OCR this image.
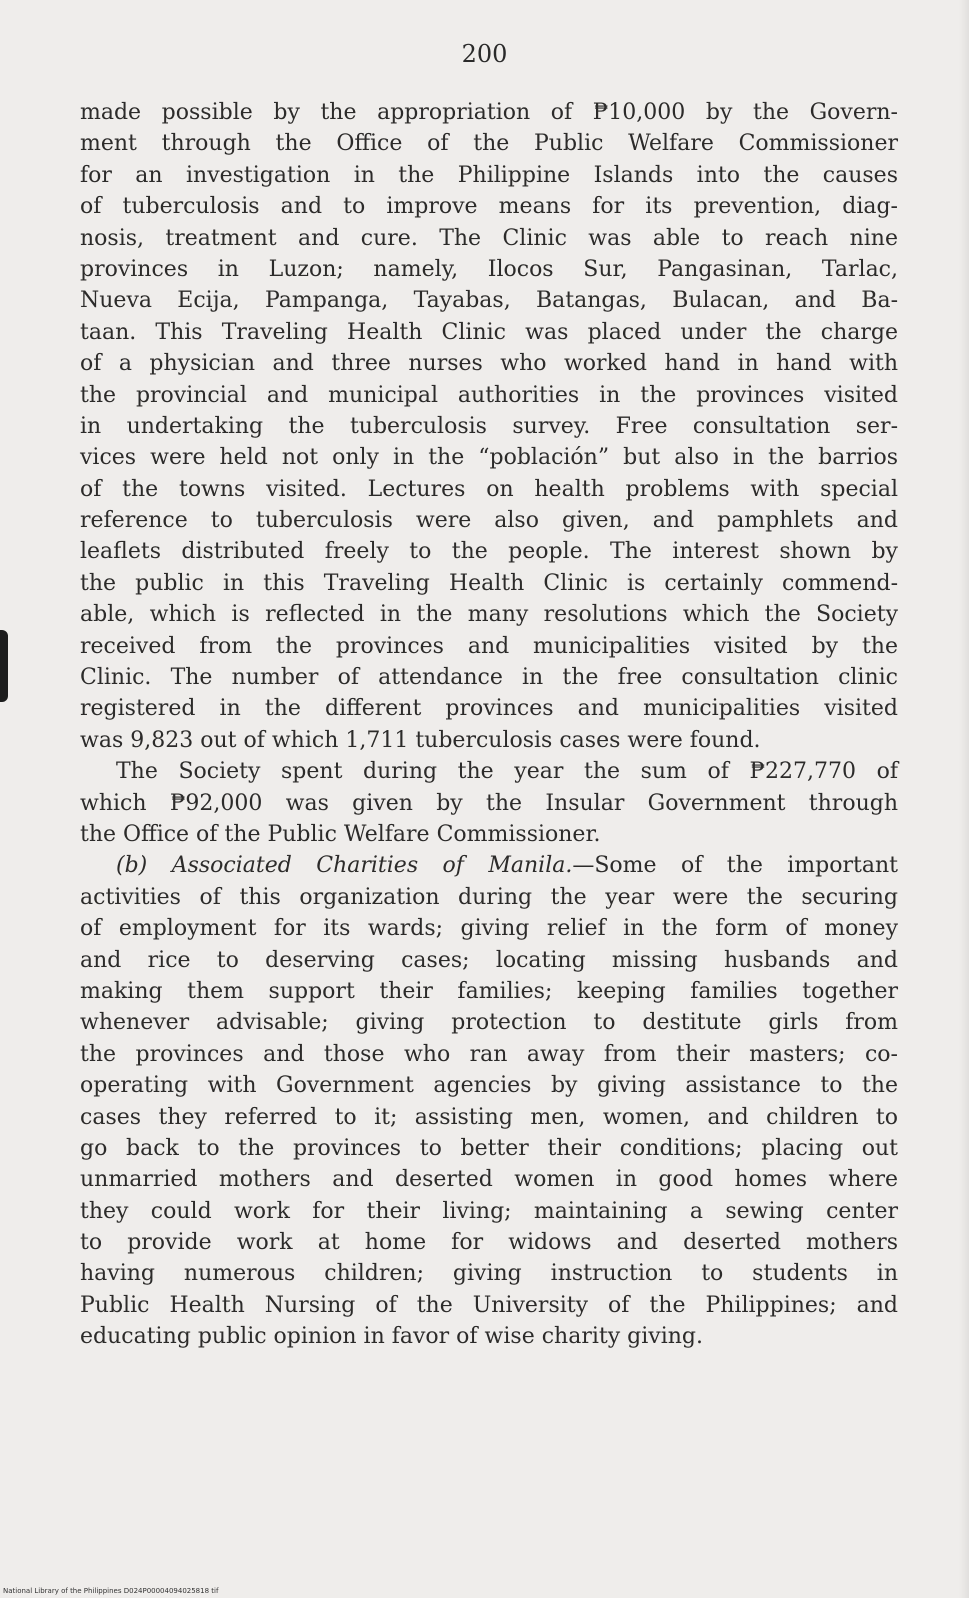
200
made possible by the appropriation of ₱10,000 by the Govern-
ment through the Office of the Public Welfare Commissioner
for an investigation in the Philippine Islands into the causes
of tuberculosis and to improve means for its prevention, diag-
nosis, treatment and cure. The Clinic was able to reach nine
provinces in Luzon; namely, Ilocos Sur, Pangasinan, Tarlac,
Nueva Ecija, Pampanga, Tayabas, Batangas, Bulacan, and Ba-
taan. This Traveling Health Clinic was placed under the charge
of a physician and three nurses who worked hand in hand with
the provincial and municipal authorities in the provinces visited
in undertaking the tuberculosis survey. Free consultation ser-
vices were held not only in the “población” but also in the barrios
of the towns visited. Lectures on health problems with special
reference to tuberculosis were also given, and pamphlets and
leaflets distributed freely to the people. The interest shown by
the public in this Traveling Health Clinic is certainly commend-
able, which is reflected in the many resolutions which the Society
received from the provinces and municipalities visited by the
Clinic. The number of attendance in the free consultation clinic
registered in the different provinces and municipalities visited
was 9,823 out of which 1,711 tuberculosis cases were found.
The Society spent during the year the sum of ₱227,770 of
which ₱92,000 was given by the Insular Government through
the Office of the Public Welfare Commissioner.
(b) Associated Charities of Manila.—Some of the important
activities of this organization during the year were the securing
of employment for its wards; giving relief in the form of money
and rice to deserving cases; locating missing husbands and
making them support their families; keeping families together
whenever advisable; giving protection to destitute girls from
the provinces and those who ran away from their masters; co-
operating with Government agencies by giving assistance to the
cases they referred to it; assisting men, women, and children to
go back to the provinces to better their conditions; placing out
unmarried mothers and deserted women in good homes where
they could work for their living; maintaining a sewing center
to provide work at home for widows and deserted mothers
having numerous children; giving instruction to students in
Public Health Nursing of the University of the Philippines; and
educating public opinion in favor of wise charity giving.
National Library of the Philippines D024P00004094025818 tif
